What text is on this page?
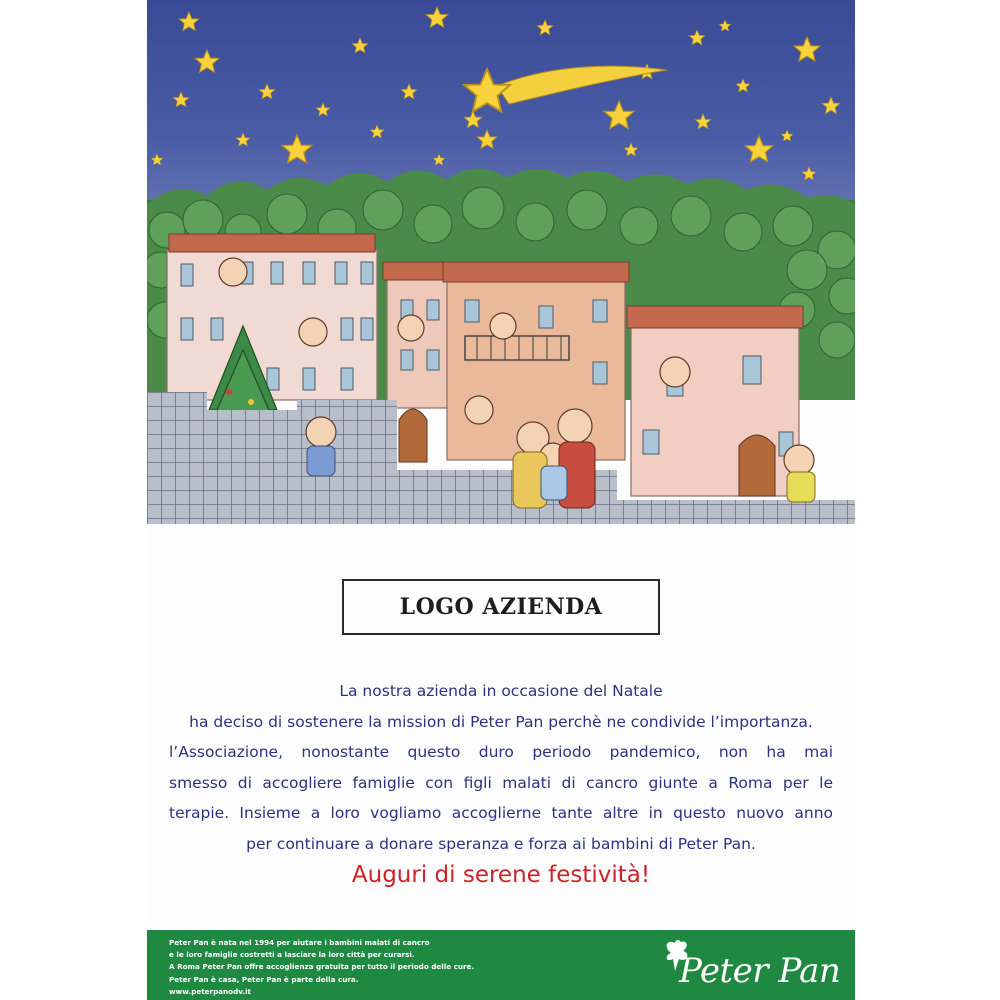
LOGO AZIENDA
La nostra azienda in occasione del Natale
ha deciso di sostenere la mission di Peter Pan perchè ne condivide l’importanza.
l’Associazione, nonostante questo duro periodo pandemico, non ha mai
smesso di accogliere famiglie con figli malati di cancro giunte a Roma per le
terapie. Insieme a loro vogliamo accoglierne tante altre in questo nuovo anno
per continuare a donare speranza e forza ai bambini di Peter Pan.
Auguri di serene festività!
Peter Pan è nata nel 1994 per aiutare i bambini malati di cancro
e le loro famiglie costretti a lasciare la loro città per curarsi.
A Roma Peter Pan offre accoglienza gratuita per tutto il periodo delle cure.
Peter Pan è casa, Peter Pan è parte della cura.
www.peterpanodv.it
Peter Pan
